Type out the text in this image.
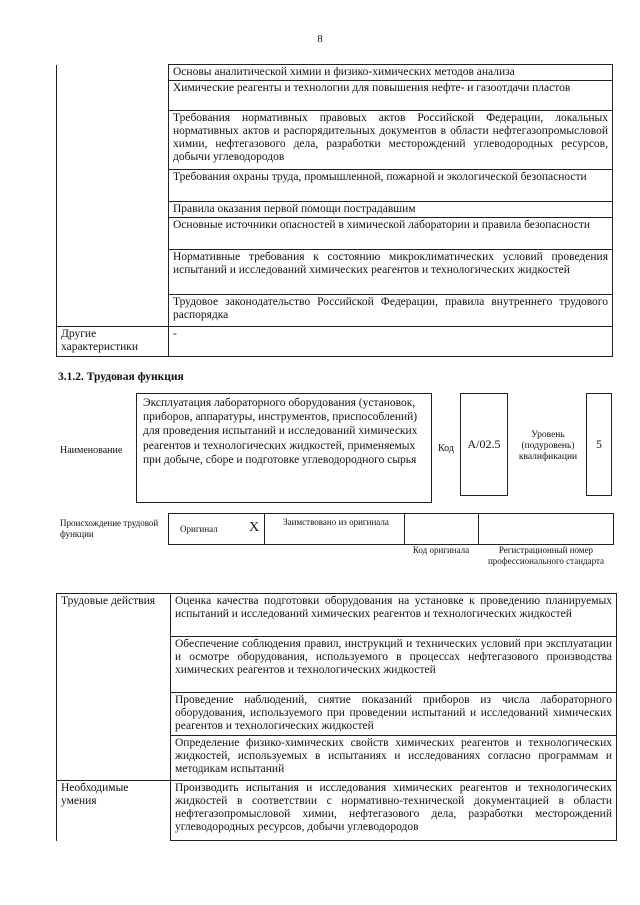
8
	Основы аналитической химии и физико-химических методов анализа
	Химические реагенты и технологии для повышения нефте- и газоотдачи пластов
	Требования нормативных правовых актов Российской Федерации, локальных нормативных актов и распорядительных документов в области нефтегазопромысловой химии, нефтегазового дела, разработки месторождений углеводородных ресурсов, добычи углеводородов
	Требования охраны труда, промышленной, пожарной и экологической безопасности
	Правила оказания первой помощи пострадавшим
	Основные источники опасностей в химической лаборатории и правила безопасности
	Нормативные требования к состоянию микроклиматических условий проведения испытаний и исследований химических реагентов и технологических жидкостей
	Трудовое законодательство Российской Федерации, правила внутреннего трудового распорядка
Другие характеристики	-
3.1.2. Трудовая функция
Наименование
Эксплуатация лабораторного оборудования (установок, приборов, аппаратуры, инструментов, приспособлений) для проведения испытаний и исследований химических реагентов и технологических жидкостей, применяемых при добыче, сборе и подготовке углеводородного сырья
Код A/02.5
Уровень (подуровень) квалификации
5
Происхождение трудовой функции	Оригинал X	Заимствовано из оригинала
Код оригинала	Регистрационный номер профессионального стандарта
Трудовые действия	Оценка качества подготовки оборудования на установке к проведению планируемых испытаний и исследований химических реагентов и технологических жидкостей
	Обеспечение соблюдения правил, инструкций и технических условий при эксплуатации и осмотре оборудования, используемого в процессах нефтегазового производства химических реагентов и технологических жидкостей
	Проведение наблюдений, снятие показаний приборов из числа лабораторного оборудования, используемого при проведении испытаний и исследований химических реагентов и технологических жидкостей
	Определение физико-химических свойств химических реагентов и технологических жидкостей, используемых в испытаниях и исследованиях согласно программам и методикам испытаний
Необходимые умения	Производить испытания и исследования химических реагентов и технологических жидкостей в соответствии с нормативно-технической документацией в области нефтегазопромысловой химии, нефтегазового дела, разработки месторождений углеводородных ресурсов, добычи углеводородов
